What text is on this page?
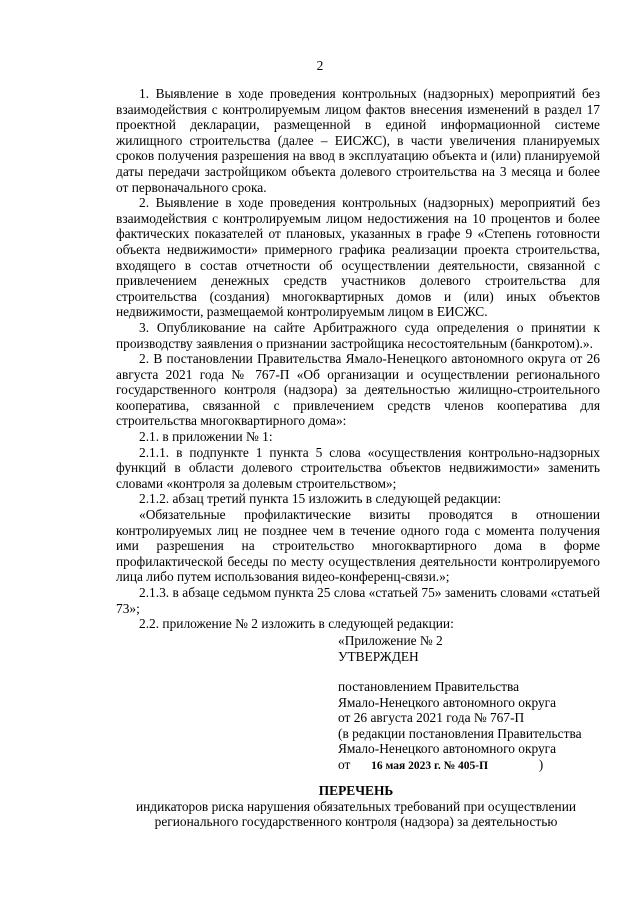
2

1. Выявление в ходе проведения контрольных (надзорных) мероприятий без взаимодействия с контролируемым лицом фактов внесения изменений в раздел 17 проектной декларации, размещенной в единой информационной системе жилищного строительства (далее – ЕИСЖС), в части увеличения планируемых сроков получения разрешения на ввод в эксплуатацию объекта и (или) планируемой даты передачи застройщиком объекта долевого строительства на 3 месяца и более от первоначального срока.

2. Выявление в ходе проведения контрольных (надзорных) мероприятий без взаимодействия с контролируемым лицом недостижения на 10 процентов и более фактических показателей от плановых, указанных в графе 9 «Степень готовности объекта недвижимости» примерного графика реализации проекта строительства, входящего в состав отчетности об осуществлении деятельности, связанной с привлечением денежных средств участников долевого строительства для строительства (создания) многоквартирных домов и (или) иных объектов недвижимости, размещаемой контролируемым лицом в ЕИСЖС.

3. Опубликование на сайте Арбитражного суда определения о принятии к производству заявления о признании застройщика несостоятельным (банкротом).».

2. В постановлении Правительства Ямало-Ненецкого автономного округа от 26 августа 2021 года № 767-П «Об организации и осуществлении регионального государственного контроля (надзора) за деятельностью жилищно-строительного кооператива, связанной с привлечением средств членов кооператива для строительства многоквартирного дома»:

2.1. в приложении № 1:

2.1.1. в подпункте 1 пункта 5 слова «осуществления контрольно-надзорных функций в области долевого строительства объектов недвижимости» заменить словами «контроля за долевым строительством»;

2.1.2. абзац третий пункта 15 изложить в следующей редакции:

«Обязательные профилактические визиты проводятся в отношении контролируемых лиц не позднее чем в течение одного года с момента получения ими разрешения на строительство многоквартирного дома в форме профилактической беседы по месту осуществления деятельности контролируемого лица либо путем использования видео-конференц-связи.»;

2.1.3. в абзаце седьмом пункта 25 слова «статьей 75» заменить словами «статьей 73»;

2.2. приложение № 2 изложить в следующей редакции:

«Приложение № 2
УТВЕРЖДЕН
постановлением Правительства
Ямало-Ненецкого автономного округа
от 26 августа 2021 года № 767-П
(в редакции постановления Правительства
Ямало-Ненецкого автономного округа
от 16 мая 2023 г. № 405-П	)
ПЕРЕЧЕНЬ
индикаторов риска нарушения обязательных требований при осуществлении
регионального государственного контроля (надзора) за деятельностью
